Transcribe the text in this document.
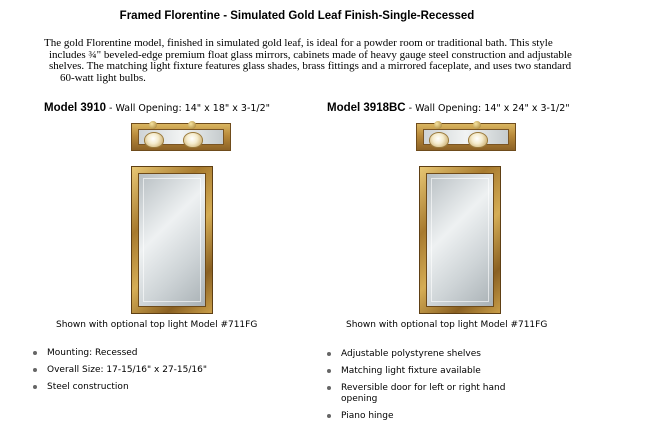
Framed Florentine - Simulated Gold Leaf Finish-Single-Recessed
The gold Florentine model, finished in simulated gold leaf, is ideal for a powder room or traditional bath. This style
includes ¾" beveled-edge premium float glass mirrors, cabinets made of heavy gauge steel construction and adjustable
shelves. The matching light fixture features glass shades, brass fittings and a mirrored faceplate, and uses two standard
60-watt light bulbs.
Model 3910 - Wall Opening: 14" x 18" x 3-1/2"
Shown with optional top light Model #711FG
Mounting: Recessed
Overall Size: 17-15/16" x 27-15/16"
Steel construction
Model 3918BC - Wall Opening: 14" x 24" x 3-1/2"
Shown with optional top light Model #711FG
Adjustable polystyrene shelves
Matching light fixture available
Reversible door for left or right hand opening
Piano hinge
